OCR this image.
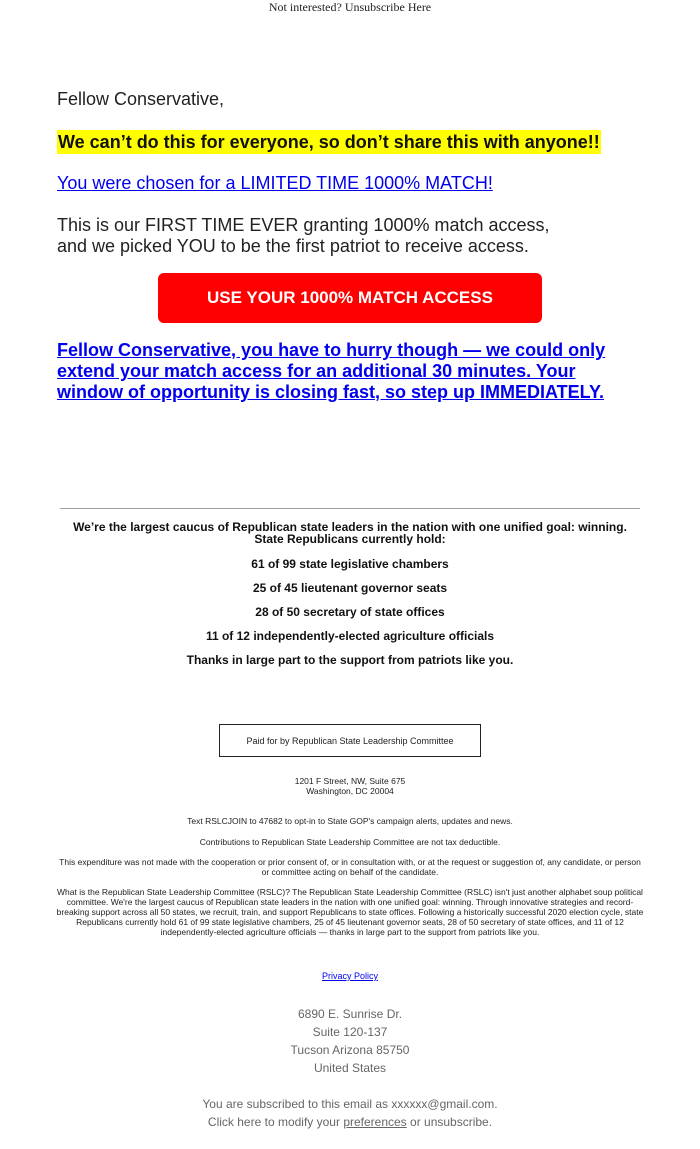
Not interested? Unsubscribe Here
Fellow Conservative,
We can’t do this for everyone, so don’t share this with anyone!!
You were chosen for a LIMITED TIME 1000% MATCH!
This is our FIRST TIME EVER granting 1000% match access,
and we picked YOU to be the first patriot to receive access.
USE YOUR 1000% MATCH ACCESS
Fellow Conservative, you have to hurry though — we could only extend your match access for an additional 30 minutes. Your window of opportunity is closing fast, so step up IMMEDIATELY.
We’re the largest caucus of Republican state leaders in the nation with one unified goal: winning.
State Republicans currently hold:
61 of 99 state legislative chambers
25 of 45 lieutenant governor seats
28 of 50 secretary of state offices
11 of 12 independently-elected agriculture officials
Thanks in large part to the support from patriots like you.
Paid for by Republican State Leadership Committee
1201 F Street, NW, Suite 675
Washington, DC 20004
Text RSLCJOIN to 47682 to opt-in to State GOP's campaign alerts, updates and news.
Contributions to Republican State Leadership Committee are not tax deductible.
This expenditure was not made with the cooperation or prior consent of, or in consultation with, or at the request or suggestion of, any candidate, or person or committee acting on behalf of the candidate.
What is the Republican State Leadership Committee (RSLC)? The Republican State Leadership Committee (RSLC) isn't just another alphabet soup political committee. We're the largest caucus of Republican state leaders in the nation with one unified goal: winning. Through innovative strategies and record-breaking support across all 50 states, we recruit, train, and support Republicans to state offices. Following a historically successful 2020 election cycle, state Republicans currently hold 61 of 99 state legislative chambers, 25 of 45 lieutenant governor seats, 28 of 50 secretary of state offices, and 11 of 12 independently-elected agriculture officials — thanks in large part to the support from patriots like you.
Privacy Policy
6890 E. Sunrise Dr.
Suite 120-137
Tucson Arizona 85750
United States
You are subscribed to this email as xxxxxx@gmail.com.
Click here to modify your preferences or unsubscribe.
